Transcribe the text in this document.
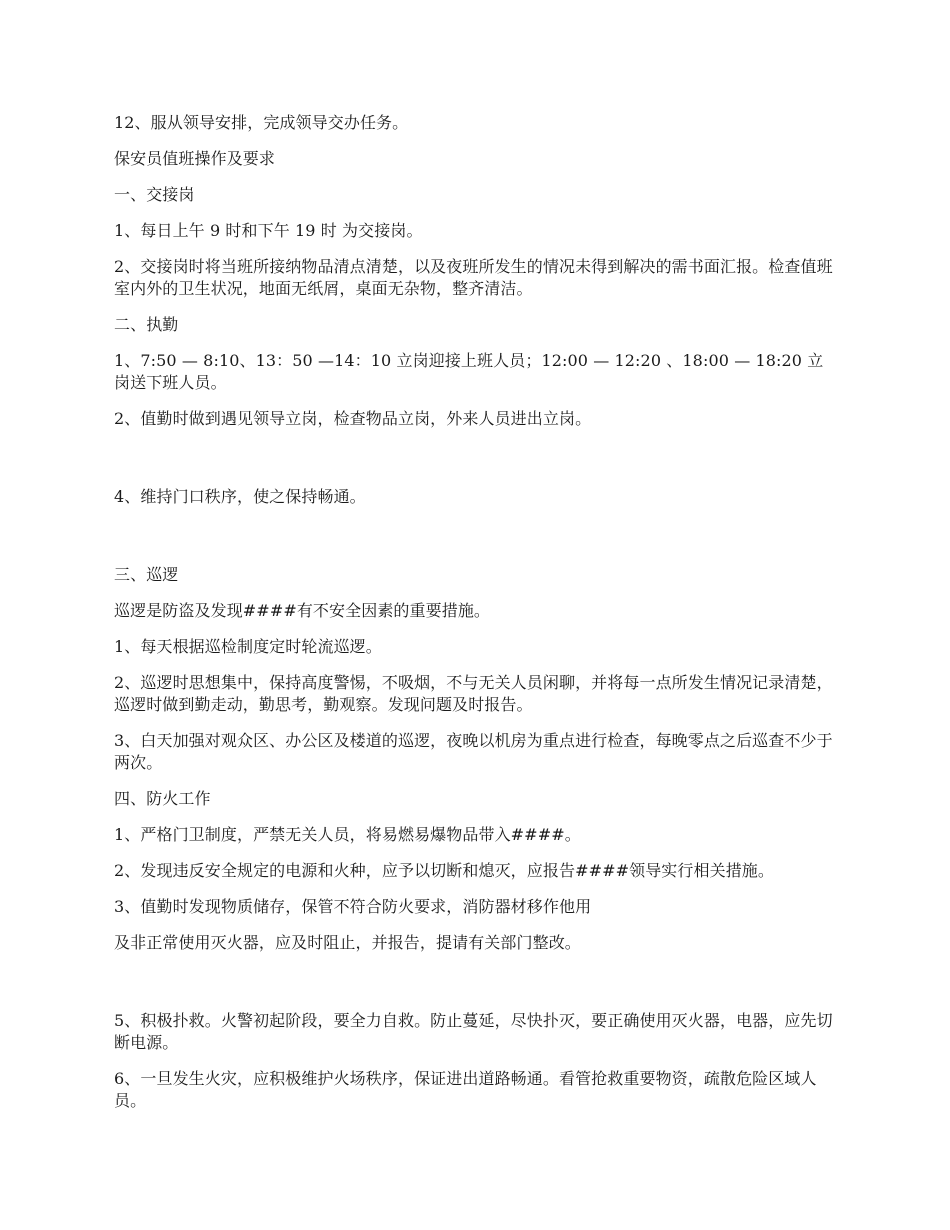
12、服从领导安排，完成领导交办任务。

保安员值班操作及要求

一、交接岗

1、每日上午 9 时和下午 19 时 为交接岗。

2、交接岗时将当班所接纳物品清点清楚，以及夜班所发生的情况未得到解决的需书面汇报。检查值班室内外的卫生状况，地面无纸屑，桌面无杂物，整齐清洁。

二、执勤

1、7:50 — 8:10、13：50 —14：10 立岗迎接上班人员；12:00 — 12:20 、18:00 — 18:20 立岗送下班人员。

2、值勤时做到遇见领导立岗，检查物品立岗，外来人员进出立岗。

4、维持门口秩序，使之保持畅通。

三、巡逻

巡逻是防盗及发现####有不安全因素的重要措施。

1、每天根据巡检制度定时轮流巡逻。

2、巡逻时思想集中，保持高度警惕，不吸烟，不与无关人员闲聊，并将每一点所发生情况记录清楚，巡逻时做到勤走动，勤思考，勤观察。发现问题及时报告。

3、白天加强对观众区、办公区及楼道的巡逻，夜晚以机房为重点进行检查，每晚零点之后巡查不少于两次。

四、防火工作

1、严格门卫制度，严禁无关人员，将易燃易爆物品带入####。

2、发现违反安全规定的电源和火种，应予以切断和熄灭，应报告####领导实行相关措施。

3、值勤时发现物质储存，保管不符合防火要求，消防器材移作他用

及非正常使用灭火器，应及时阻止，并报告，提请有关部门整改。

5、积极扑救。火警初起阶段，要全力自救。防止蔓延，尽快扑灭，要正确使用灭火器，电器，应先切断电源。

6、一旦发生火灾，应积极维护火场秩序，保证进出道路畅通。看管抢救重要物资，疏散危险区域人员。
